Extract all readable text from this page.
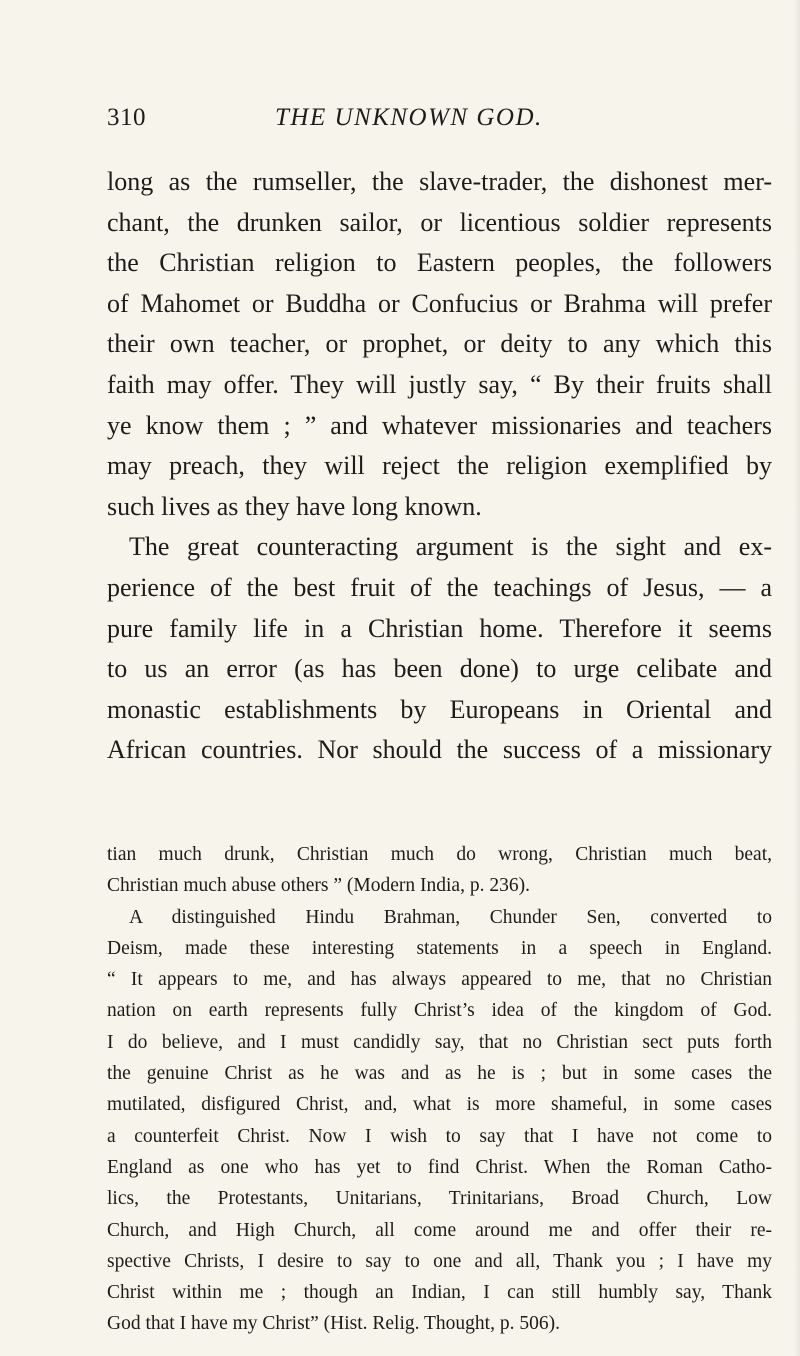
310	THE UNKNOWN GOD.
long as the rumseller, the slave-trader, the dishonest mer-
chant, the drunken sailor, or licentious soldier represents
the Christian religion to Eastern peoples, the followers
of Mahomet or Buddha or Confucius or Brahma will prefer
their own teacher, or prophet, or deity to any which this
faith may offer. They will justly say, “ By their fruits shall
ye know them ; ” and whatever missionaries and teachers
may preach, they will reject the religion exemplified by
such lives as they have long known.
The great counteracting argument is the sight and ex-
perience of the best fruit of the teachings of Jesus, — a
pure family life in a Christian home. Therefore it seems
to us an error (as has been done) to urge celibate and
monastic establishments by Europeans in Oriental and
African countries. Nor should the success of a missionary
tian much drunk, Christian much do wrong, Christian much beat,
Christian much abuse others ” (Modern India, p. 236).
A distinguished Hindu Brahman, Chunder Sen, converted to
Deism, made these interesting statements in a speech in England.
“ It appears to me, and has always appeared to me, that no Christian
nation on earth represents fully Christ’s idea of the kingdom of God.
I do believe, and I must candidly say, that no Christian sect puts forth
the genuine Christ as he was and as he is ; but in some cases the
mutilated, disfigured Christ, and, what is more shameful, in some cases
a counterfeit Christ. Now I wish to say that I have not come to
England as one who has yet to find Christ. When the Roman Catho-
lics, the Protestants, Unitarians, Trinitarians, Broad Church, Low
Church, and High Church, all come around me and offer their re-
spective Christs, I desire to say to one and all, Thank you ; I have my
Christ within me ; though an Indian, I can still humbly say, Thank
God that I have my Christ” (Hist. Relig. Thought, p. 506).
